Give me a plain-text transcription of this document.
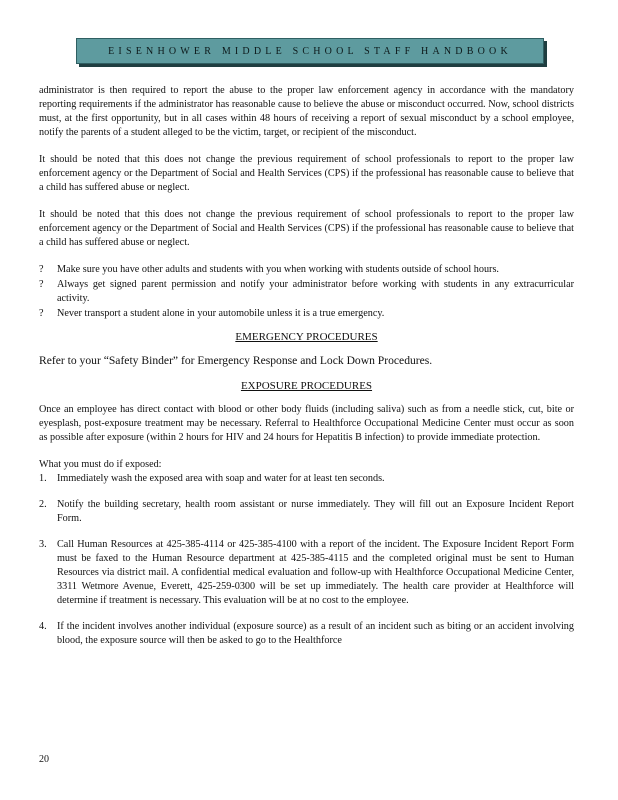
EISENHOWER MIDDLE SCHOOL STAFF HANDBOOK

administrator is then required to report the abuse to the proper law enforcement agency in accordance with the mandatory reporting requirements if the administrator has reasonable cause to believe the abuse or misconduct occurred. Now, school districts must, at the first opportunity, but in all cases within 48 hours of receiving a report of sexual misconduct by a school employee, notify the parents of a student alleged to be the victim, target, or recipient of the misconduct.

It should be noted that this does not change the previous requirement of school professionals to report to the proper law enforcement agency or the Department of Social and Health Services (CPS) if the professional has reasonable cause to believe that a child has suffered abuse or neglect.

It should be noted that this does not change the previous requirement of school professionals to report to the proper law enforcement agency or the Department of Social and Health Services (CPS) if the professional has reasonable cause to believe that a child has suffered abuse or neglect.

? Make sure you have other adults and students with you when working with students outside of school hours.
? Always get signed parent permission and notify your administrator before working with students in any extracurricular activity.
? Never transport a student alone in your automobile unless it is a true emergency.
EMERGENCY PROCEDURES
Refer to your “Safety Binder” for Emergency Response and Lock Down Procedures.
EXPOSURE PROCEDURES

Once an employee has direct contact with blood or other body fluids (including saliva) such as from a needle stick, cut, bite or eyesplash, post-exposure treatment may be necessary. Referral to Healthforce Occupational Medicine Center must occur as soon as possible after exposure (within 2 hours for HIV and 24 hours for Hepatitis B infection) to provide immediate protection.

What you must do if exposed:
1. Immediately wash the exposed area with soap and water for at least ten seconds.
2. Notify the building secretary, health room assistant or nurse immediately. They will fill out an Exposure Incident Report Form.
3. Call Human Resources at 425-385-4114 or 425-385-4100 with a report of the incident. The Exposure Incident Report Form must be faxed to the Human Resource department at 425-385-4115 and the completed original must be sent to Human Resources via district mail. A confidential medical evaluation and follow-up with Healthforce Occupational Medicine Center, 3311 Wetmore Avenue, Everett, 425-259-0300 will be set up immediately. The health care provider at Healthforce will determine if treatment is necessary. This evaluation will be at no cost to the employee.
4. If the incident involves another individual (exposure source) as a result of an incident such as biting or an accident involving blood, the exposure source will then be asked to go to the Healthforce
20
